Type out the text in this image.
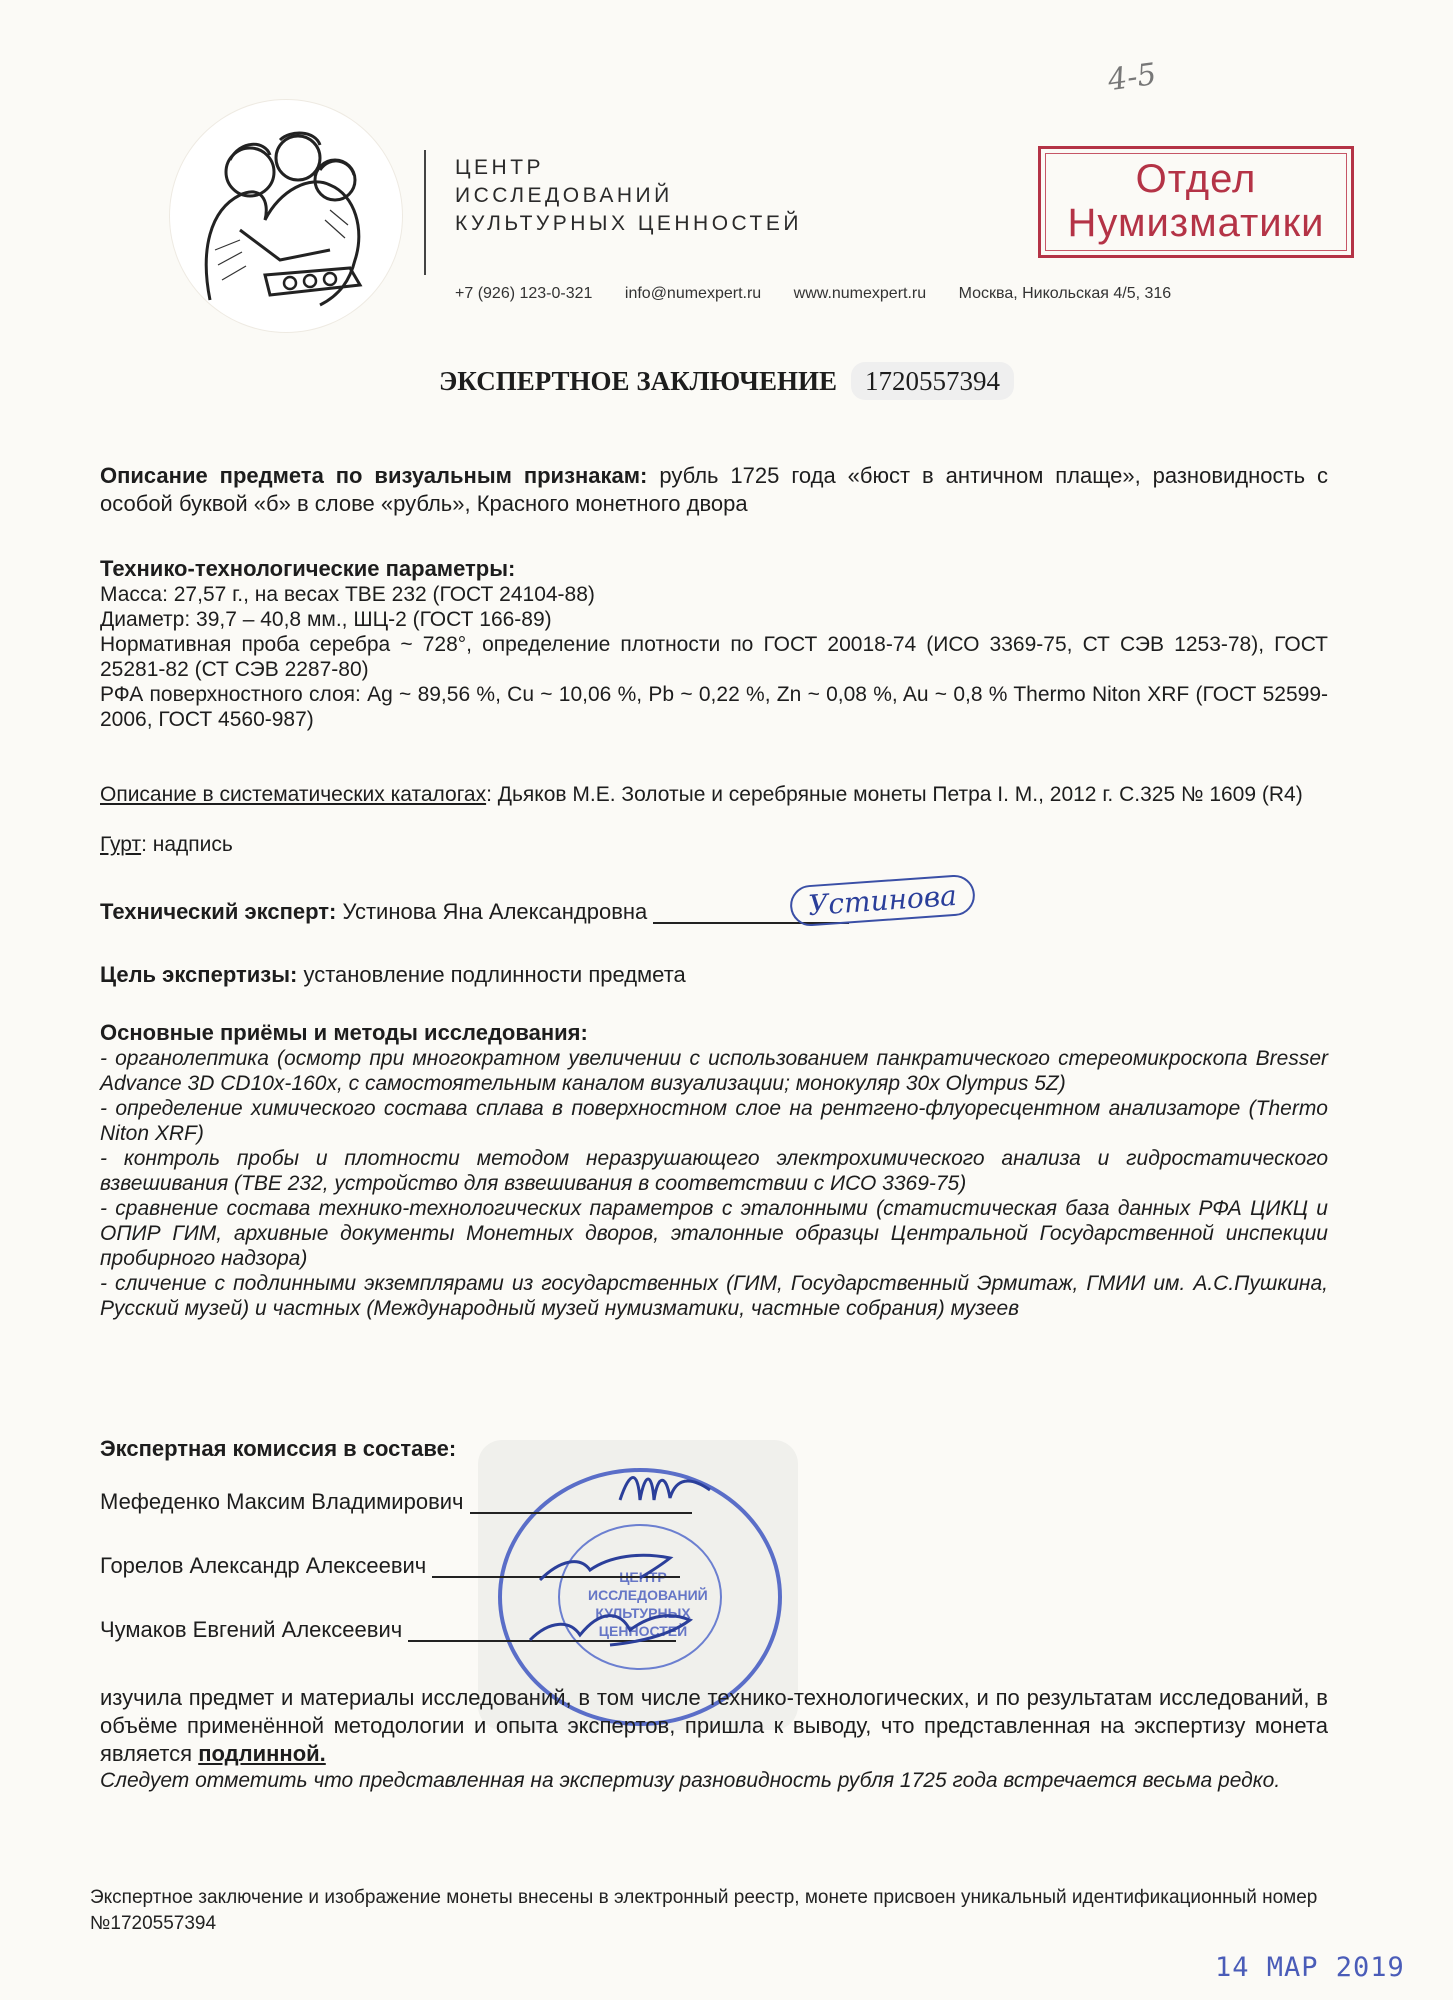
ЦЕНТР
ИССЛЕДОВАНИЙ
КУЛЬТУРНЫХ ЦЕННОСТЕЙ
+7 (926) 123-0-321 info@numexpert.ru www.numexpert.ru Москва, Никольская 4/5, 316
Отдел
Нумизматики
4-5
ЭКСПЕРТНОЕ ЗАКЛЮЧЕНИЕ 1720557394
Описание предмета по визуальным признакам: рубль 1725 года «бюст в античном плаще», разновидность с особой буквой «б» в слове «рубль», Красного монетного двора
Технико-технологические параметры:
Масса: 27,57 г., на весах ТВЕ 232 (ГОСТ 24104-88)
Диаметр: 39,7 – 40,8 мм., ШЦ-2 (ГОСТ 166-89)
Нормативная проба серебра ~ 728°, определение плотности по ГОСТ 20018-74 (ИСО 3369-75, СТ СЭВ 1253-78), ГОСТ 25281-82 (СТ СЭВ 2287-80)
РФА поверхностного слоя: Ag ~ 89,56 %, Cu ~ 10,06 %, Pb ~ 0,22 %, Zn ~ 0,08 %, Au ~ 0,8 % Thermo Niton XRF (ГОСТ 52599-2006, ГОСТ 4560-987)
Описание в систематических каталогах: Дьяков М.Е. Золотые и серебряные монеты Петра I. М., 2012 г. С.325 № 1609 (R4)
Гурт: надпись
Технический эксперт: Устинова Яна Александровна	Устинова
Цель экспертизы: установление подлинности предмета
Основные приёмы и методы исследования:
- органолептика (осмотр при многократном увеличении с использованием панкратического стереомикроскопа Bresser Advance 3D CD10x-160x, с самостоятельным каналом визуализации; монокуляр 30x Olympus 5Z)
- определение химического состава сплава в поверхностном слое на рентгено-флуоресцентном анализаторе (Thermo Niton XRF)
- контроль пробы и плотности методом неразрушающего электрохимического анализа и гидростатического взвешивания (ТВЕ 232, устройство для взвешивания в соответствии с ИСО 3369-75)
- сравнение состава технико-технологических параметров с эталонными (статистическая база данных РФА ЦИКЦ и ОПИР ГИМ, архивные документы Монетных дворов, эталонные образцы Центральной Государственной инспекции пробирного надзора)
- сличение с подлинными экземплярами из государственных (ГИМ, Государственный Эрмитаж, ГМИИ им. А.С.Пушкина, Русский музей) и частных (Международный музей нумизматики, частные собрания) музеев
ЦЕНТР
ИССЛЕДОВАНИЙ
КУЛЬТУРНЫХ
ЦЕННОСТЕЙ
Экспертная комиссия в составе:
Мефеденко Максим Владимирович
Горелов Александр Алексеевич
Чумаков Евгений Алексеевич
изучила предмет и материалы исследований, в том числе технико-технологических, и по результатам исследований, в объёме применённой методологии и опыта экспертов, пришла к выводу, что представленная на экспертизу монета является подлинной.
Следует отметить что представленная на экспертизу разновидность рубля 1725 года встречается весьма редко.
Экспертное заключение и изображение монеты внесены в электронный реестр, монете присвоен уникальный идентификационный номер №1720557394
14 MAP 2019
